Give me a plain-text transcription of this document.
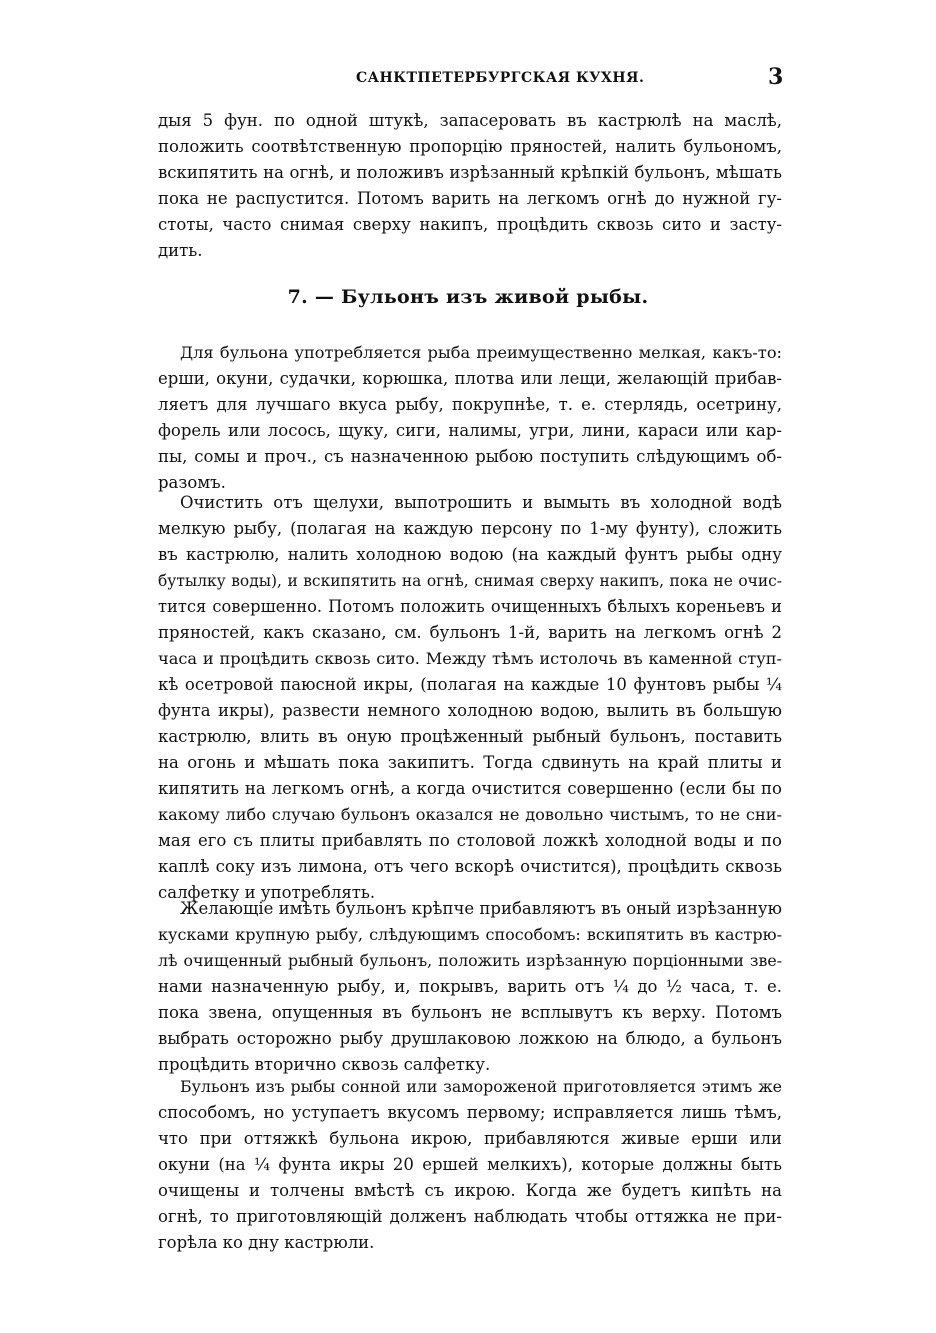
САНКТПЕТЕРБУРГСКАЯ КУХНЯ.	3
дыя 5 фун. по одной штукѣ, запасеровать въ кастрюлѣ на маслѣ,
положить соотвѣтственную пропорцію пряностей, налить бульономъ,
вскипятить на огнѣ, и положивъ изрѣзанный крѣпкій бульонъ, мѣшать
пока не распустится. Потомъ варить на легкомъ огнѣ до нужной гу-
стоты, часто снимая сверху накипъ, процѣдить сквозь сито и засту-
дить.
7. — Бульонъ изъ живой рыбы.
Для бульона употребляется рыба преимущественно мелкая, какъ-то:
ерши, окуни, судачки, корюшка, плотва или лещи, желающій прибав-
ляетъ для лучшаго вкуса рыбу, покрупнѣе, т. е. стерлядь, осетрину,
форель или лосось, щуку, сиги, налимы, угри, лини, караси или кар-
пы, сомы и проч., съ назначенною рыбою поступить слѣдующимъ об-
разомъ.
Очистить отъ щелухи, выпотрошить и вымыть въ холодной водѣ
мелкую рыбу, (полагая на каждую персону по 1-му фунту), сложить
въ кастрюлю, налить холодною водою (на каждый фунтъ рыбы одну
бутылку воды), и вскипятить на огнѣ, снимая сверху накипъ, пока не очис-
тится совершенно. Потомъ положить очищенныхъ бѣлыхъ кореньевъ и
пряностей, какъ сказано, см. бульонъ 1-й, варить на легкомъ огнѣ 2
часа и процѣдить сквозь сито. Между тѣмъ истолочь въ каменной ступ-
кѣ осетровой паюсной икры, (полагая на каждые 10 фунтовъ рыбы ¼
фунта икры), развести немного холодною водою, вылить въ большую
кастрюлю, влить въ оную процѣженный рыбный бульонъ, поставить
на огонь и мѣшать пока закипитъ. Тогда сдвинуть на край плиты и
кипятить на легкомъ огнѣ, а когда очистится совершенно (если бы по
какому либо случаю бульонъ оказался не довольно чистымъ, то не сни-
мая его съ плиты прибавлять по столовой ложкѣ холодной воды и по
каплѣ соку изъ лимона, отъ чего вскорѣ очистится), процѣдить сквозь
салфетку и употреблять.
Желающіе имѣть бульонъ крѣпче прибавляютъ въ оный изрѣзанную
кусками крупную рыбу, слѣдующимъ способомъ: вскипятить въ кастрю-
лѣ очищенный рыбный бульонъ, положить изрѣзанную порціонными зве-
нами назначенную рыбу, и, покрывъ, варить отъ ¼ до ½ часа, т. е.
пока звена, опущенныя въ бульонъ не всплывутъ къ верху. Потомъ
выбрать осторожно рыбу друшлаковою ложкою на блюдо, а бульонъ
процѣдить вторично сквозь салфетку.
Бульонъ изъ рыбы сонной или замороженой приготовляется этимъ же
способомъ, но уступаетъ вкусомъ первому; исправляется лишь тѣмъ,
что при оттяжкѣ бульона икрою, прибавляются живые ерши или
окуни (на ¼ фунта икры 20 ершей мелкихъ), которые должны быть
очищены и толчены вмѣстѣ съ икрою. Когда же будетъ кипѣть на
огнѣ, то приготовляющій долженъ наблюдать чтобы оттяжка не при-
горѣла ко дну кастрюли.
